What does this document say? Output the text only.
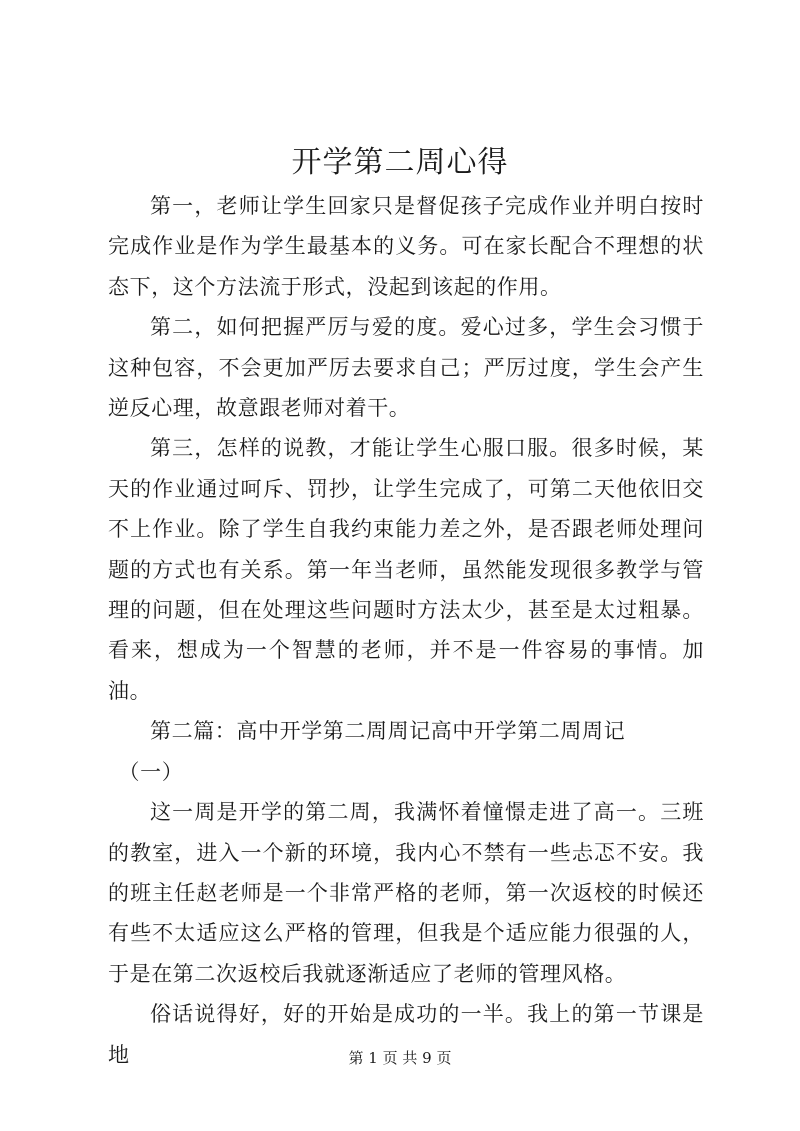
开学第二周心得

第一，老师让学生回家只是督促孩子完成作业并明白按时完成作业是作为学生最基本的义务。可在家长配合不理想的状态下，这个方法流于形式，没起到该起的作用。

第二，如何把握严厉与爱的度。爱心过多，学生会习惯于这种包容，不会更加严厉去要求自己；严厉过度，学生会产生逆反心理，故意跟老师对着干。

第三，怎样的说教，才能让学生心服口服。很多时候，某天的作业通过呵斥、罚抄，让学生完成了，可第二天他依旧交不上作业。除了学生自我约束能力差之外，是否跟老师处理问题的方式也有关系。第一年当老师，虽然能发现很多教学与管理的问题，但在处理这些问题时方法太少，甚至是太过粗暴。看来，想成为一个智慧的老师，并不是一件容易的事情。加油。

第二篇：高中开学第二周周记高中开学第二周周记

（一）

这一周是开学的第二周，我满怀着憧憬走进了高一。三班的教室，进入一个新的环境，我内心不禁有一些忐忑不安。我的班主任赵老师是一个非常严格的老师，第一次返校的时候还有些不太适应这么严格的管理，但我是个适应能力很强的人，于是在第二次返校后我就逐渐适应了老师的管理风格。

俗话说得好，好的开始是成功的一半。我上的第一节课是地	第 1 页 共 9 页
